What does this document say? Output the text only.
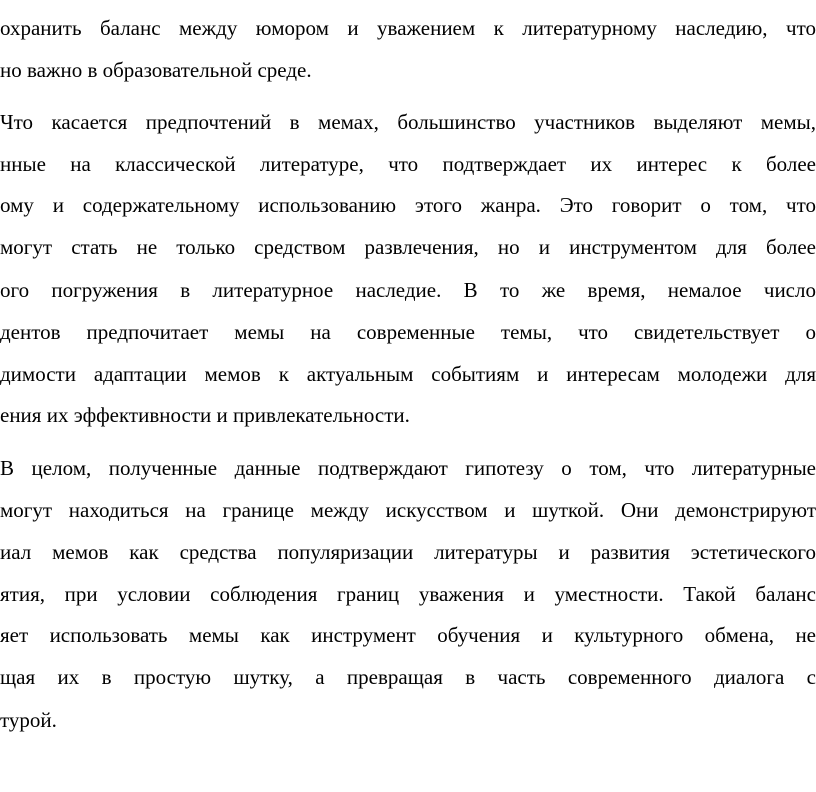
охранить баланс между юмором и уважением к литературному наследию, что

но важно в образовательной среде.

Что касается предпочтений в мемах, большинство участников выделяют мемы,

нные на классической литературе, что подтверждает их интерес к более

ому и содержательному использованию этого жанра. Это говорит о том, что

могут стать не только средством развлечения, но и инструментом для более

ого погружения в литературное наследие. В то же время, немалое число

дентов предпочитает мемы на современные темы, что свидетельствует о

димости адаптации мемов к актуальным событиям и интересам молодежи для

ения их эффективности и привлекательности.

В целом, полученные данные подтверждают гипотезу о том, что литературные

могут находиться на границе между искусством и шуткой. Они демонстрируют

иал мемов как средства популяризации литературы и развития эстетического

ятия, при условии соблюдения границ уважения и уместности. Такой баланс

яет использовать мемы как инструмент обучения и культурного обмена, не

щая их в простую шутку, а превращая в часть современного диалога с

турой.
